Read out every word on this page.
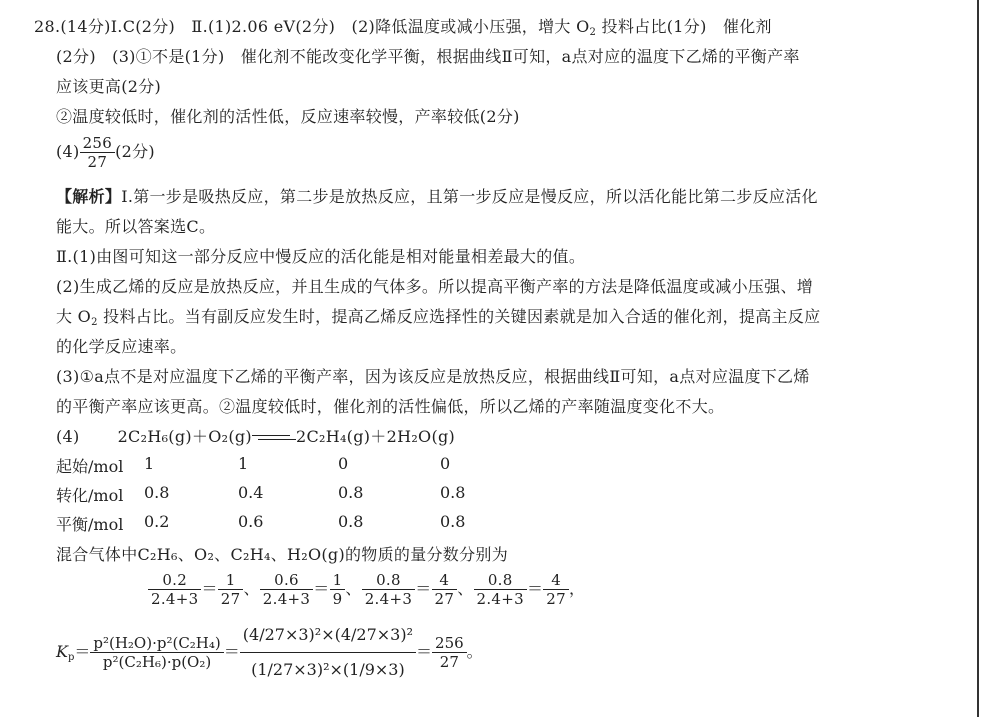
28.(14分)Ⅰ.C(2分)　Ⅱ.(1)2.06 eV(2分)　(2)降低温度或减小压强，增大 $O_2$ 投料占比(1分)　催化剂
(2分)　(3)①不是(1分)　催化剂不能改变化学平衡，根据曲线Ⅱ可知，a点对应的温度下乙烯的平衡产率
应该更高(2分)
②温度较低时，催化剂的活性低，反应速率较慢，产率较低(2分)
$(4) \frac{256}{27} (2$分)
【解析】Ⅰ.第一步是吸热反应，第二步是放热反应，且第一步反应是慢反应，所以活化能比第二步反应活化
能大。所以答案选C。
Ⅱ.(1)由图可知这一部分反应中慢反应的活化能是相对能量相差最大的值。
(2)生成乙烯的反应是放热反应，并且生成的气体多。所以提高平衡产率的方法是降低温度或减小压强、增
大 $O_2$ 投料占比。当有副反应发生时，提高乙烯反应选择性的关键因素就是加入合适的催化剂，提高主反应
的化学反应速率。
(3)①a点不是对应温度下乙烯的平衡产率，因为该反应是放热反应，根据曲线Ⅱ可知，a点对应温度下乙烯
的平衡产率应该更高。②温度较低时，催化剂的活性偏低，所以乙烯的产率随温度变化不大。
(4) 2C₂H₆(g)＋O₂(g)	2C₂H₄(g)＋2H₂O(g)
起始/mol 1	1	0	0
转化/mol 0.8	0.4	0.8	0.8
平衡/mol 0.2	0.6	0.8	0.8
混合气体中C₂H₆、O₂、C₂H₄、H₂O(g)的物质的量分数分别为
$\frac{0.2}{2.4+3} = \frac{1}{27}$ 、 $\frac{0.6}{2.4+3} = \frac{1}{9}$ 、 $\frac{0.8}{2.4+3} = \frac{4}{27}$ 、 $\frac{0.8}{2.4+3} = \frac{4}{27}$ ，
$K_p= \frac{\text{p²(H₂O)·p²(C₂H₄)}}{\text{p²(C₂H₆)·p(O₂)}} = \frac{\text{(4/27×3)²×(4/27×3)²}}{\text{(1/27×3)²×(1/9×3)}} = \frac{256}{27}$ 。
